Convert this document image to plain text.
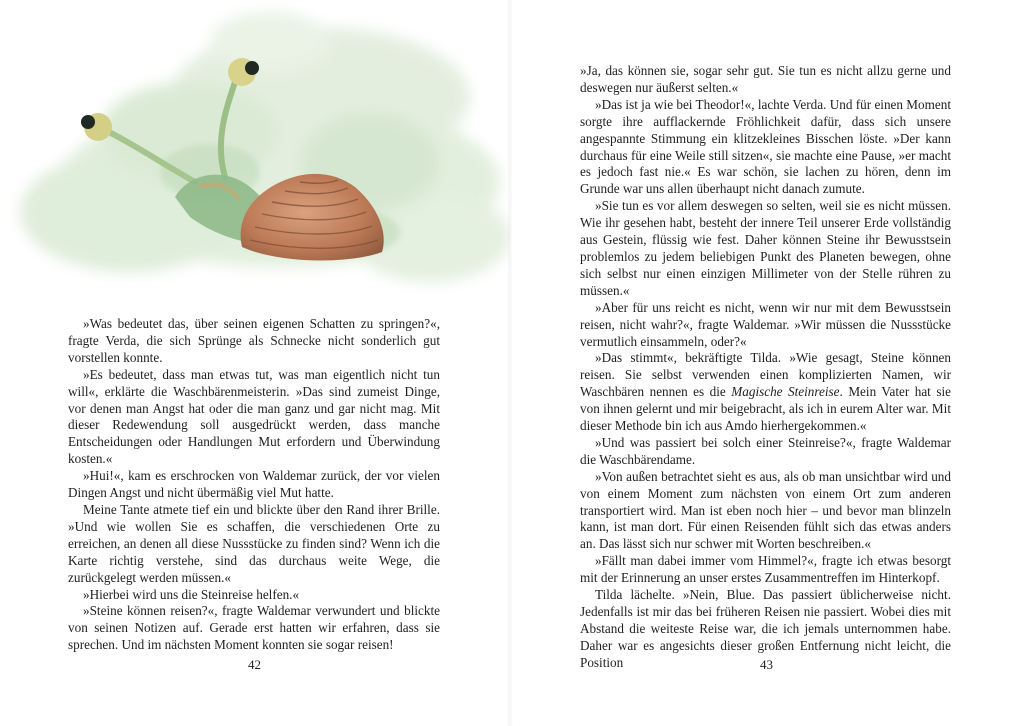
»Was bedeutet das, über seinen eigenen Schatten zu springen?«, fragte Verda, die sich Sprünge als Schnecke nicht sonderlich gut vorstellen konnte.

»Es bedeutet, dass man etwas tut, was man eigentlich nicht tun will«, erklärte die Waschbärenmeisterin. »Das sind zumeist Dinge, vor denen man Angst hat oder die man ganz und gar nicht mag. Mit dieser Redewendung soll ausgedrückt werden, dass manche Entscheidungen oder Handlungen Mut erfordern und Überwindung kosten.«

»Hui!«, kam es erschrocken von Waldemar zurück, der vor vielen Dingen Angst und nicht übermäßig viel Mut hatte.

Meine Tante atmete tief ein und blickte über den Rand ihrer Brille. »Und wie wollen Sie es schaffen, die verschiedenen Orte zu erreichen, an denen all diese Nussstücke zu finden sind? Wenn ich die Karte richtig verstehe, sind das durchaus weite Wege, die zurückgelegt werden müssen.«

»Hierbei wird uns die Steinreise helfen.«

»Steine können reisen?«, fragte Waldemar verwundert und blickte von seinen Notizen auf. Gerade erst hatten wir erfahren, dass sie sprechen. Und im nächsten Moment konnten sie sogar reisen!

42

»Ja, das können sie, sogar sehr gut. Sie tun es nicht allzu gerne und deswegen nur äußerst selten.«

»Das ist ja wie bei Theodor!«, lachte Verda. Und für einen Moment sorgte ihre aufflackernde Fröhlichkeit dafür, dass sich unsere angespannte Stimmung ein klitzekleines Bisschen löste. »Der kann durchaus für eine Weile still sitzen«, sie machte eine Pause, »er macht es jedoch fast nie.« Es war schön, sie lachen zu hören, denn im Grunde war uns allen überhaupt nicht danach zumute.

»Sie tun es vor allem deswegen so selten, weil sie es nicht müssen. Wie ihr gesehen habt, besteht der innere Teil unserer Erde vollständig aus Gestein, flüssig wie fest. Daher können Steine ihr Bewusstsein problemlos zu jedem beliebigen Punkt des Planeten bewegen, ohne sich selbst nur einen einzigen Millimeter von der Stelle rühren zu müssen.«

»Aber für uns reicht es nicht, wenn wir nur mit dem Bewusstsein reisen, nicht wahr?«, fragte Waldemar. »Wir müssen die Nussstücke vermutlich einsammeln, oder?«

»Das stimmt«, bekräftigte Tilda. »Wie gesagt, Steine können reisen. Sie selbst verwenden einen komplizierten Namen, wir Waschbären nennen es die Magische Steinreise. Mein Vater hat sie von ihnen gelernt und mir beigebracht, als ich in eurem Alter war. Mit dieser Methode bin ich aus Amdo hierhergekommen.«

»Und was passiert bei solch einer Steinreise?«, fragte Waldemar die Waschbärendame.

»Von außen betrachtet sieht es aus, als ob man unsichtbar wird und von einem Moment zum nächsten von einem Ort zum anderen transportiert wird. Man ist eben noch hier – und bevor man blinzeln kann, ist man dort. Für einen Reisenden fühlt sich das etwas anders an. Das lässt sich nur schwer mit Worten beschreiben.«

»Fällt man dabei immer vom Himmel?«, fragte ich etwas besorgt mit der Erinnerung an unser erstes Zusammentreffen im Hinterkopf.

Tilda lächelte. »Nein, Blue. Das passiert üblicherweise nicht. Jedenfalls ist mir das bei früheren Reisen nie passiert. Wobei dies mit Abstand die weiteste Reise war, die ich jemals unternommen habe. Daher war es angesichts dieser großen Entfernung nicht leicht, die Position	43
